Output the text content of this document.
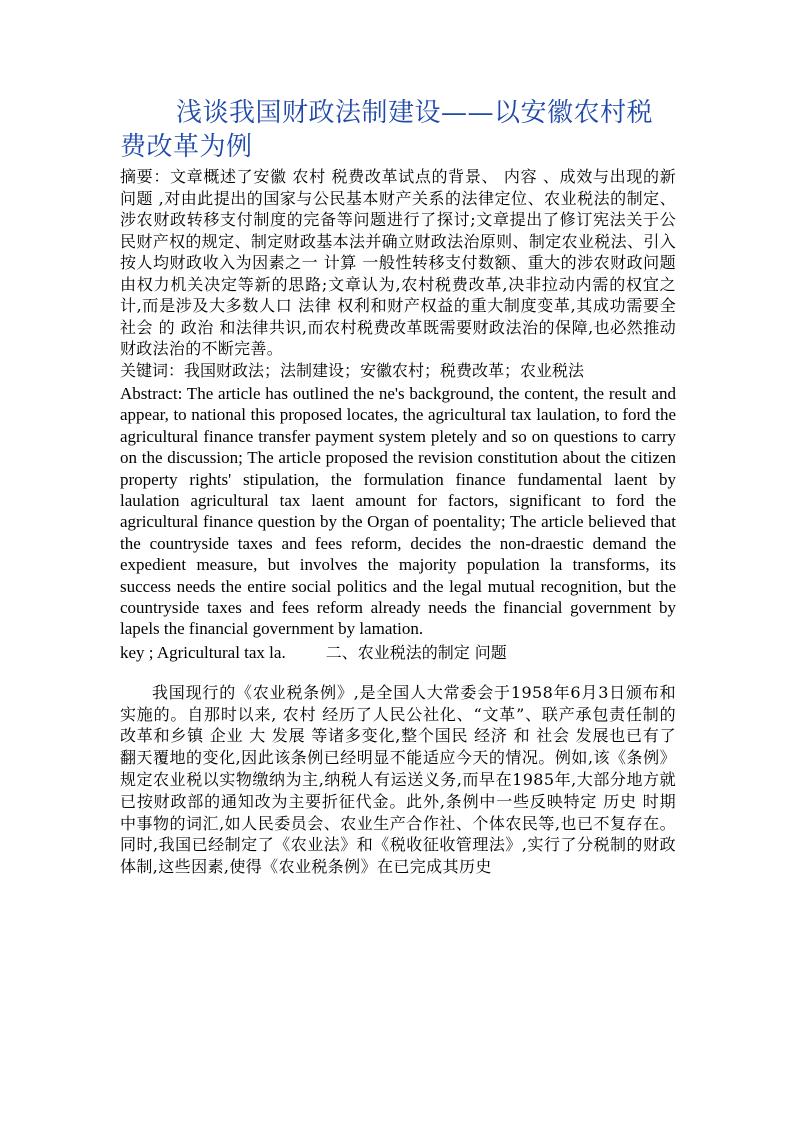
浅谈我国财政法制建设——以安徽农村税费改革为例

摘要：文章概述了安徽 农村 税费改革试点的背景、 内容 、成效与出现的新 问题 ,对由此提出的国家与公民基本财产关系的法律定位、农业税法的制定、涉农财政转移支付制度的完备等问题进行了探讨;文章提出了修订宪法关于公民财产权的规定、制定财政基本法并确立财政法治原则、制定农业税法、引入按人均财政收入为因素之一 计算 一般性转移支付数额、重大的涉农财政问题由权力机关决定等新的思路;文章认为,农村税费改革,决非拉动内需的权宜之计,而是涉及大多数人口 法律 权利和财产权益的重大制度变革,其成功需要全 社会 的 政治 和法律共识,而农村税费改革既需要财政法治的保障,也必然推动财政法治的不断完善。

关键词：我国财政法；法制建设；安徽农村；税费改革；农业税法

Abstract: The article has outlined the ne's background, the content, the result and appear, to national this proposed locates, the agricultural tax laulation, to ford the agricultural finance transfer payment system pletely and so on questions to carry on the discussion; The article proposed the revision constitution about the citizen property rights' stipulation, the formulation finance fundamental laent by laulation agricultural tax laent amount for factors, significant to ford the agricultural finance question by the Organ of poentality; The article believed that the countryside taxes and fees reform, decides the non-draestic demand the expedient measure, but involves the majority population la transforms, its success needs the entire social politics and the legal mutual recognition, but the countryside taxes and fees reform already needs the financial government by lapels the financial government by lamation.

key ; Agricultural tax la.	二、农业税法的制定 问题

我国现行的《农业税条例》,是全国人大常委会于1958年6月3日颁布和实施的。自那时以来, 农村 经历了人民公社化、“文革”、联产承包责任制的改革和乡镇 企业 大 发展 等诸多变化,整个国民 经济 和 社会 发展也已有了翻天覆地的变化,因此该条例已经明显不能适应今天的情况。例如,该《条例》规定农业税以实物缴纳为主,纳税人有运送义务,而早在1985年,大部分地方就已按财政部的通知改为主要折征代金。此外,条例中一些反映特定 历史 时期中事物的词汇,如人民委员会、农业生产合作社、个体农民等,也已不复存在。同时,我国已经制定了《农业法》和《税收征收管理法》,实行了分税制的财政体制,这些因素,使得《农业税条例》在已完成其历史
